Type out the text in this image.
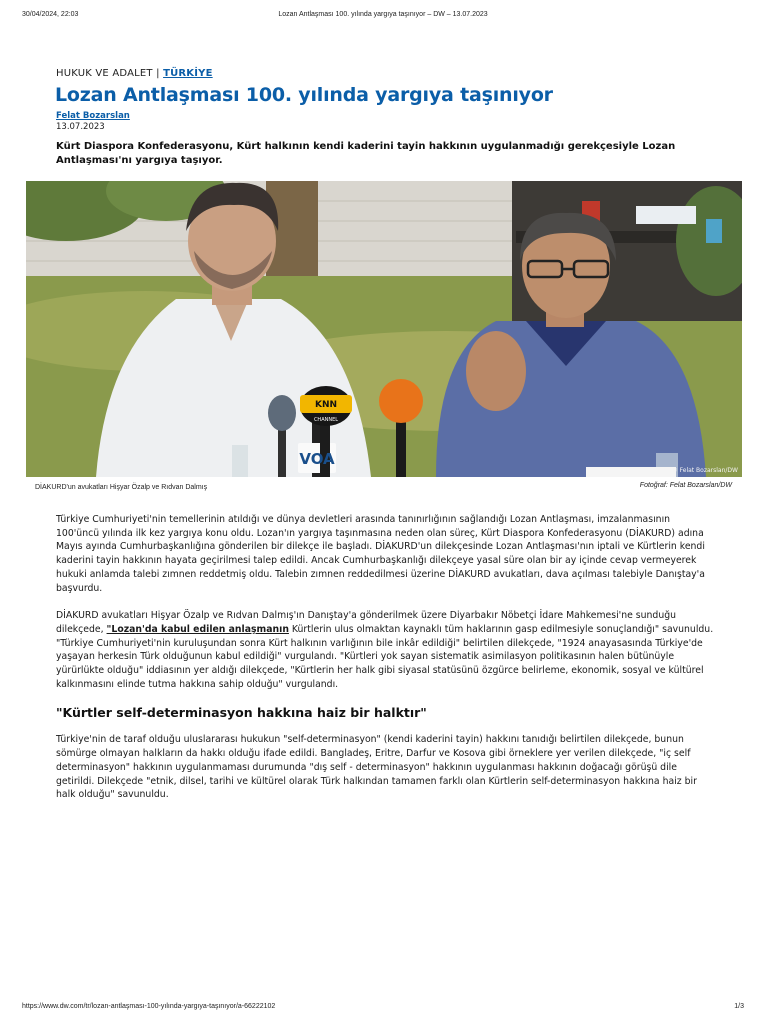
30/04/2024, 22:03	Lozan Antlaşması 100. yılında yargıya taşınıyor – DW – 13.07.2023
HUKUK VE ADALET | TÜRKİYE
Lozan Antlaşması 100. yılında yargıya taşınıyor
Felat Bozarslan
13.07.2023

Kürt Diaspora Konfederasyonu, Kürt halkının kendi kaderini tayin hakkının uygulanmadığı gerekçesiyle Lozan Antlaşması'nı yargıya taşıyor.

KNN
CHANNEL
VOA
© Felat Bozarslan/DW
DİAKURD'un avukatları Hişyar Özalp ve Rıdvan Dalmış	Fotoğraf: Felat Bozarslan/DW

Türkiye Cumhuriyeti'nin temellerinin atıldığı ve dünya devletleri arasında tanınırlığının sağlandığı Lozan Antlaşması, imzalanmasının 100'üncü yılında ilk kez yargıya konu oldu. Lozan'ın yargıya taşınmasına neden olan süreç, Kürt Diaspora Konfederasyonu (DİAKURD) adına Mayıs ayında Cumhurbaşkanlığına gönderilen bir dilekçe ile başladı. DİAKURD'un dilekçesinde Lozan Antlaşması'nın iptali ve Kürtlerin kendi kaderini tayin hakkının hayata geçirilmesi talep edildi. Ancak Cumhurbaşkanlığı dilekçeye yasal süre olan bir ay içinde cevap vermeyerek hukuki anlamda talebi zımnen reddetmiş oldu. Talebin zımnen reddedilmesi üzerine DİAKURD avukatları, dava açılması talebiyle Danıştay'a başvurdu.

DİAKURD avukatları Hişyar Özalp ve Rıdvan Dalmış'ın Danıştay'a gönderilmek üzere Diyarbakır Nöbetçi İdare Mahkemesi'ne sunduğu dilekçede, "Lozan'da kabul edilen anlaşmanın Kürtlerin ulus olmaktan kaynaklı tüm haklarının gasp edilmesiyle sonuçlandığı" savunuldu. "Türkiye Cumhuriyeti'nin kuruluşundan sonra Kürt halkının varlığının bile inkâr edildiği" belirtilen dilekçede, "1924 anayasasında Türkiye'de yaşayan herkesin Türk olduğunun kabul edildiği" vurgulandı. "Kürtleri yok sayan sistematik asimilasyon politikasının halen bütünüyle yürürlükte olduğu" iddiasının yer aldığı dilekçede, "Kürtlerin her halk gibi siyasal statüsünü özgürce belirleme, ekonomik, sosyal ve kültürel kalkınmasını elinde tutma hakkına sahip olduğu" vurgulandı.

"Kürtler self-determinasyon hakkına haiz bir halktır"

Türkiye'nin de taraf olduğu uluslararası hukukun "self-determinasyon" (kendi kaderini tayin) hakkını tanıdığı belirtilen dilekçede, bunun sömürge olmayan halkların da hakkı olduğu ifade edildi. Bangladeş, Eritre, Darfur ve Kosova gibi örneklere yer verilen dilekçede, "iç self determinasyon" hakkının uygulanmaması durumunda "dış self - determinasyon" hakkının uygulanması hakkının doğacağı görüşü dile getirildi. Dilekçede "etnik, dilsel, tarihi ve kültürel olarak Türk halkından tamamen farklı olan Kürtlerin self-determinasyon hakkına haiz bir halk olduğu" savunuldu.

https://www.dw.com/tr/lozan-antlaşması-100-yılında-yargıya-taşınıyor/a-66222102	1/3
